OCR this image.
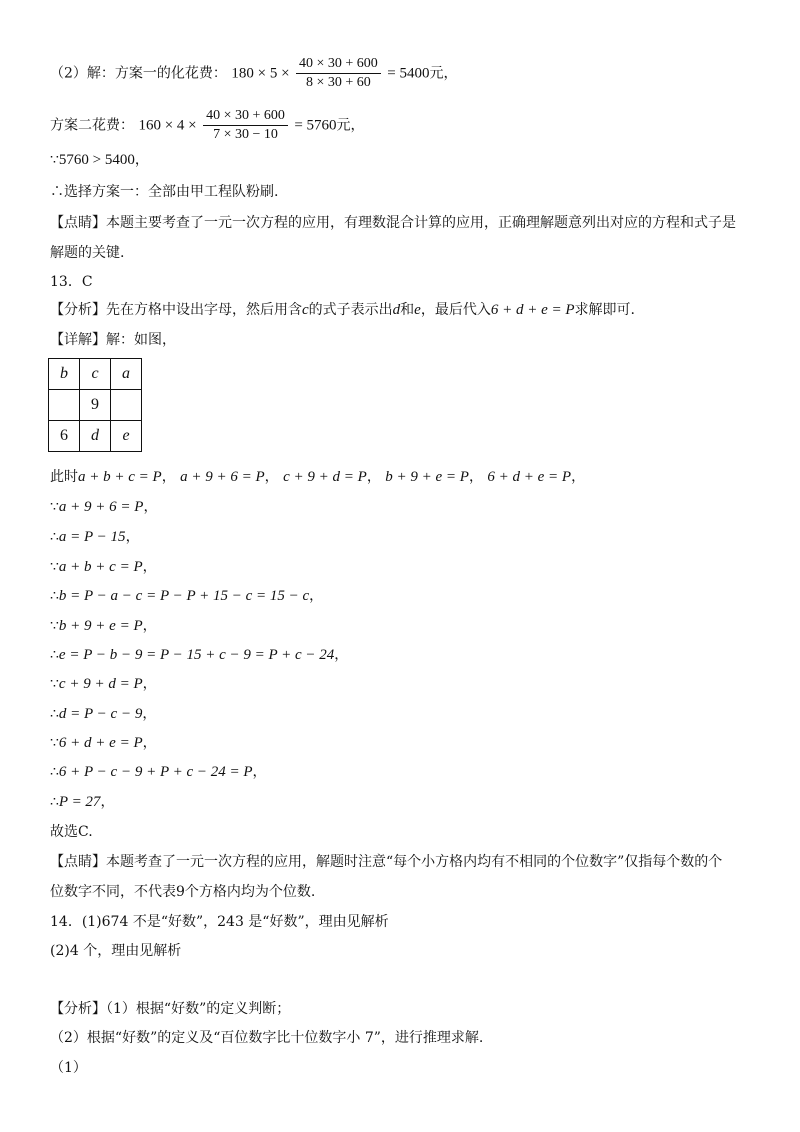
（2）解：方案一的化花费： $180 \times 5 \times \frac{40 \times 30 + 600}{8 \times 30 + 60} = 5400$元，
方案二花费： $160 \times 4 \times \frac{40 \times 30 + 600}{7 \times 30 - 10} = 5760$元，
∵5760 > 5400，
∴选择方案一：全部由甲工程队粉刷.
【点睛】本题主要考查了一元一次方程的应用，有理数混合计算的应用，正确理解题意列出对应的方程和式子是
解题的关键.
13．C
【分析】先在方格中设出字母，然后用含c的式子表示出d和e，最后代入6 + d + e = P求解即可.
【详解】解：如图，
b	c	a
	9	
6	d	e
此时a + b + c = P， a + 9 + 6 = P， c + 9 + d = P， b + 9 + e = P， 6 + d + e = P，
∵a + 9 + 6 = P，
∴a = P − 15，
∵a + b + c = P，
∴b = P − a − c = P − P + 15 − c = 15 − c，
∵b + 9 + e = P，
∴e = P − b − 9 = P − 15 + c − 9 = P + c − 24，
∵c + 9 + d = P，
∴d = P − c − 9，
∵6 + d + e = P，
∴6 + P − c − 9 + P + c − 24 = P，
∴P = 27，
故选C.
【点睛】本题考查了一元一次方程的应用，解题时注意“每个小方格内均有不相同的个位数字”仅指每个数的个
位数字不同，不代表9个方格内均为个位数.
14．(1)674 不是“好数”，243 是“好数”，理由见解析
(2)4 个，理由见解析
【分析】（1）根据“好数”的定义判断；
（2）根据“好数”的定义及“百位数字比十位数字小 7”，进行推理求解.
（1）
